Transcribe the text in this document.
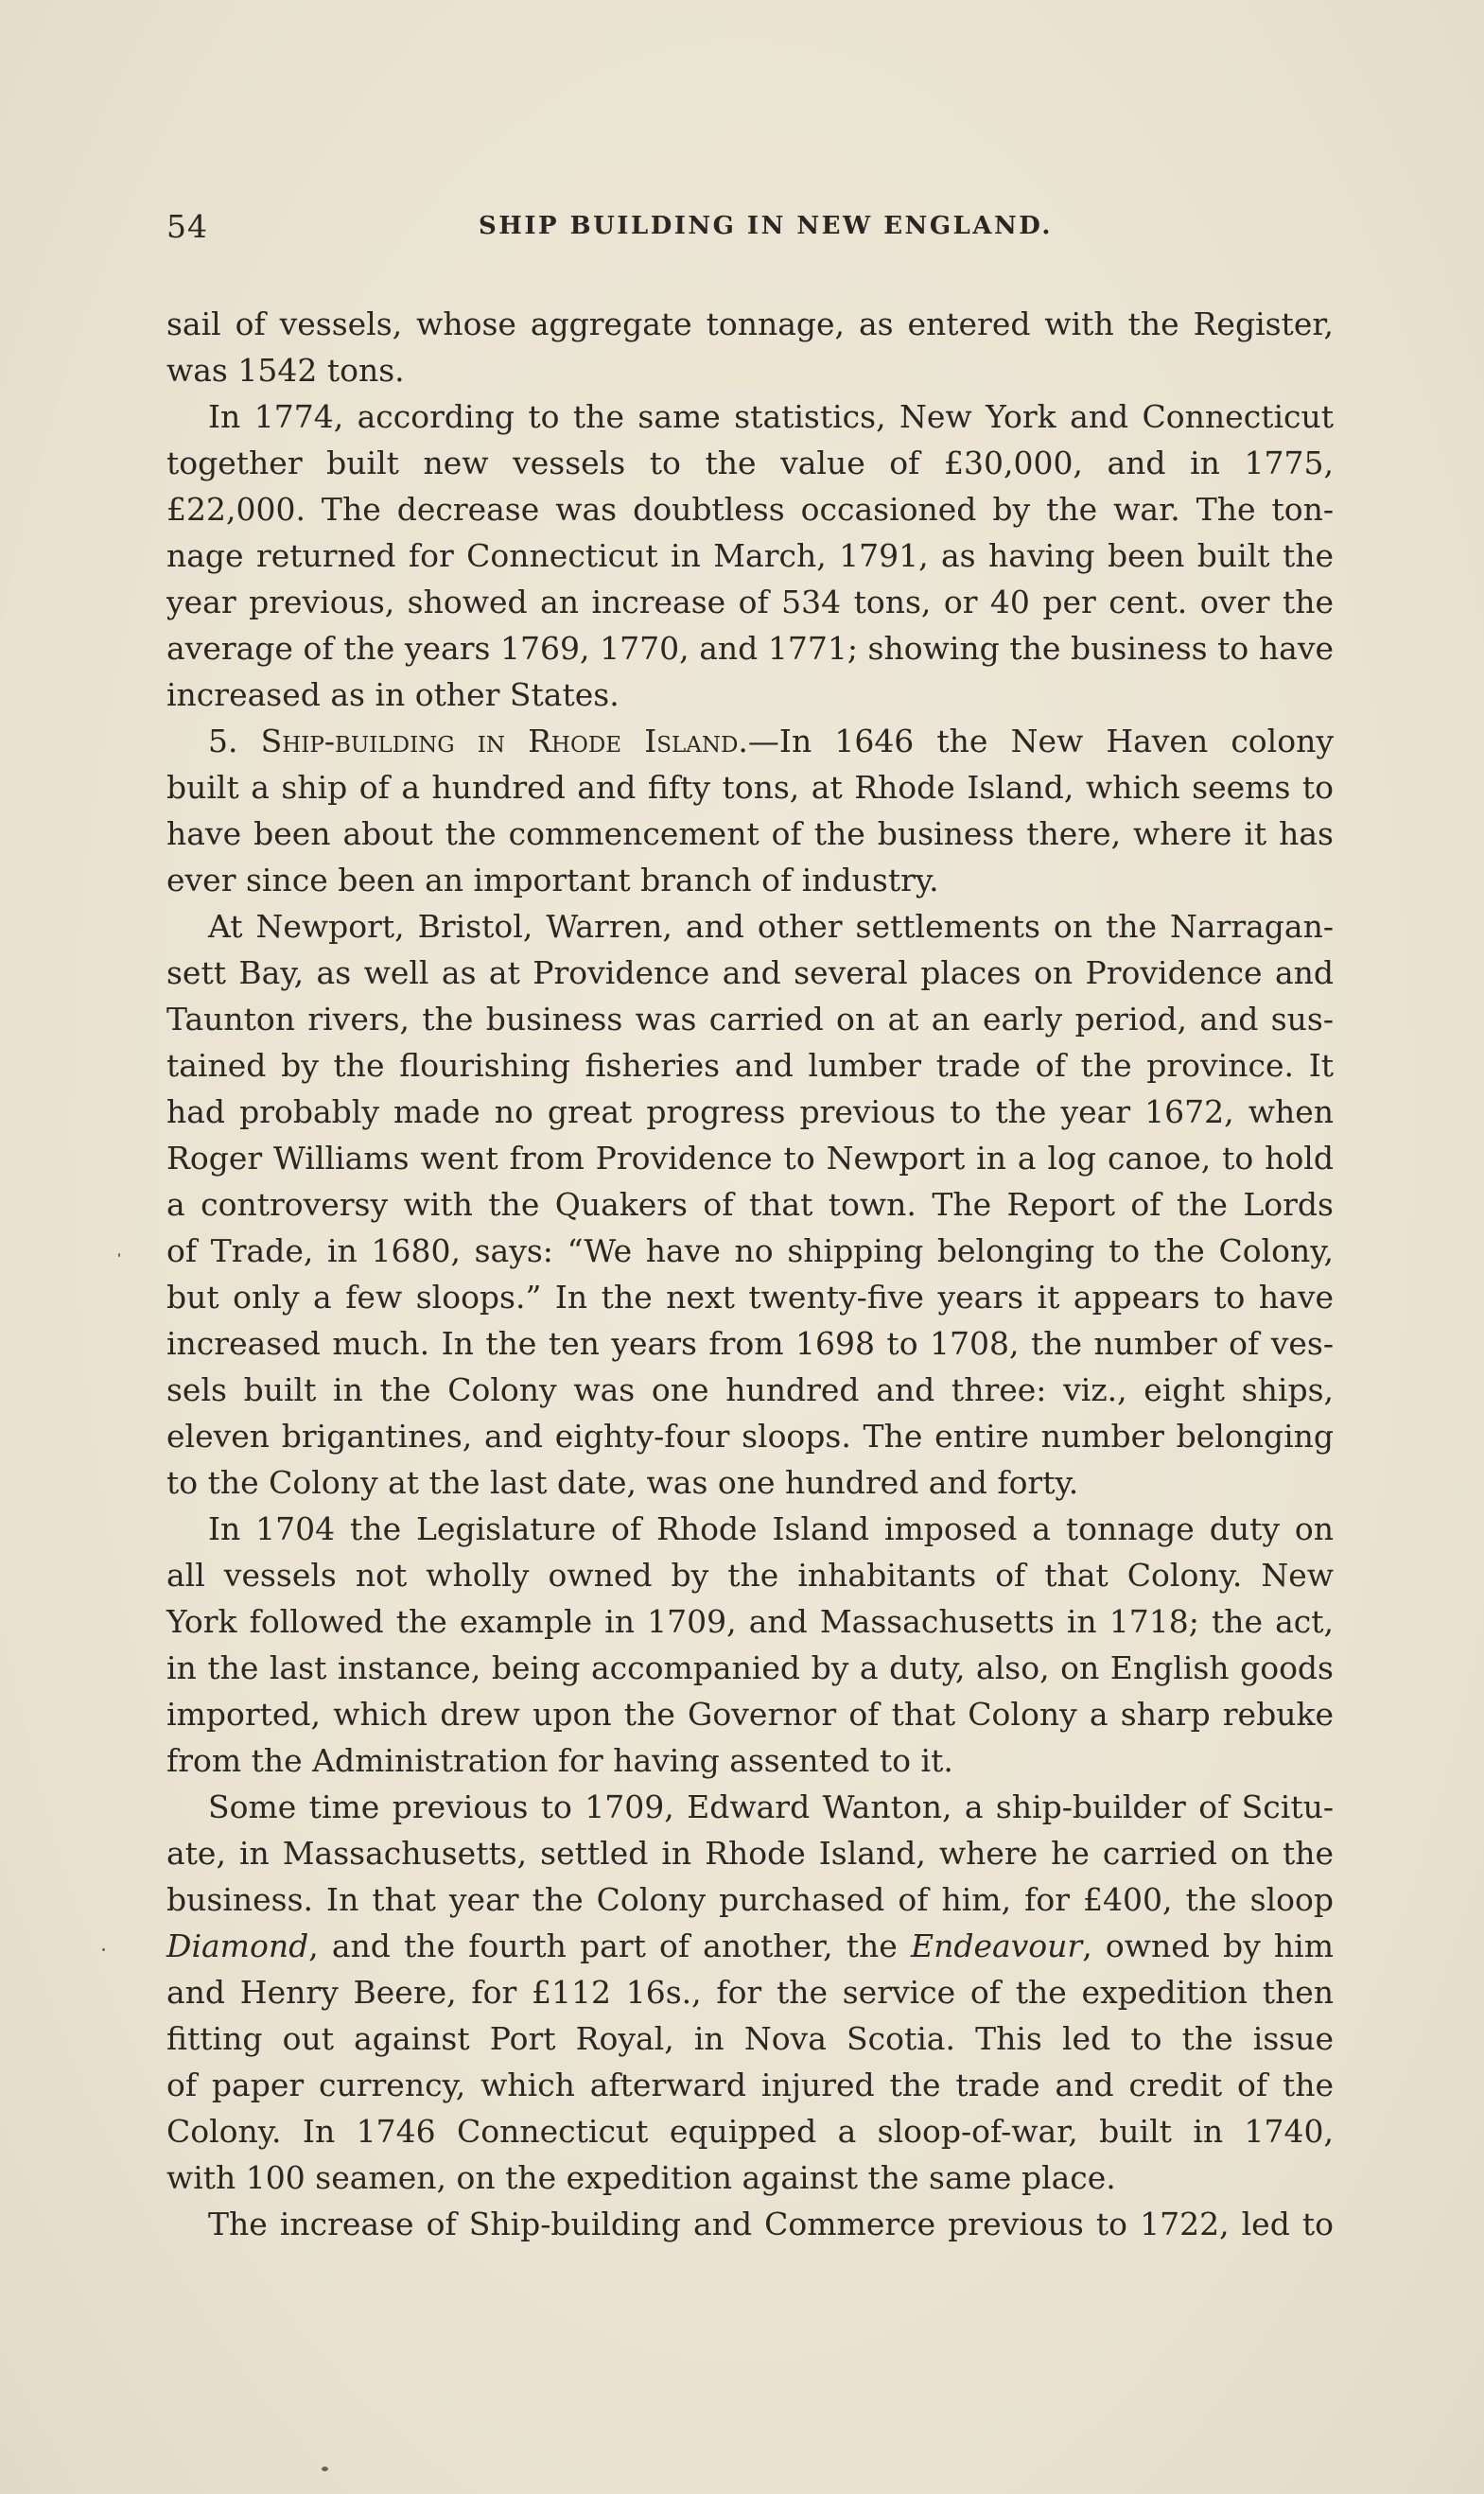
54	SHIP BUILDING IN NEW ENGLAND.
sail of vessels, whose aggregate tonnage, as entered with the Register,
was 1542 tons.
In 1774, according to the same statistics, New York and Connecticut
together built new vessels to the value of £30,000, and in 1775,
£22,000. The decrease was doubtless occasioned by the war. The ton-
nage returned for Connecticut in March, 1791, as having been built the
year previous, showed an increase of 534 tons, or 40 per cent. over the
average of the years 1769, 1770, and 1771; showing the business to have
increased as in other States.
5. Ship-building in Rhode Island.—In 1646 the New Haven colony
built a ship of a hundred and fifty tons, at Rhode Island, which seems to
have been about the commencement of the business there, where it has
ever since been an important branch of industry.
At Newport, Bristol, Warren, and other settlements on the Narragan-
sett Bay, as well as at Providence and several places on Providence and
Taunton rivers, the business was carried on at an early period, and sus-
tained by the flourishing fisheries and lumber trade of the province. It
had probably made no great progress previous to the year 1672, when
Roger Williams went from Providence to Newport in a log canoe, to hold
a controversy with the Quakers of that town. The Report of the Lords
of Trade, in 1680, says: “We have no shipping belonging to the Colony,
but only a few sloops.” In the next twenty-five years it appears to have
increased much. In the ten years from 1698 to 1708, the number of ves-
sels built in the Colony was one hundred and three: viz., eight ships,
eleven brigantines, and eighty-four sloops. The entire number belonging
to the Colony at the last date, was one hundred and forty.
In 1704 the Legislature of Rhode Island imposed a tonnage duty on
all vessels not wholly owned by the inhabitants of that Colony. New
York followed the example in 1709, and Massachusetts in 1718; the act,
in the last instance, being accompanied by a duty, also, on English goods
imported, which drew upon the Governor of that Colony a sharp rebuke
from the Administration for having assented to it.
Some time previous to 1709, Edward Wanton, a ship-builder of Scitu-
ate, in Massachusetts, settled in Rhode Island, where he carried on the
business. In that year the Colony purchased of him, for £400, the sloop
Diamond, and the fourth part of another, the Endeavour, owned by him
and Henry Beere, for £112 16s., for the service of the expedition then
fitting out against Port Royal, in Nova Scotia. This led to the issue
of paper currency, which afterward injured the trade and credit of the
Colony. In 1746 Connecticut equipped a sloop-of-war, built in 1740,
with 100 seamen, on the expedition against the same place.
The increase of Ship-building and Commerce previous to 1722, led to
